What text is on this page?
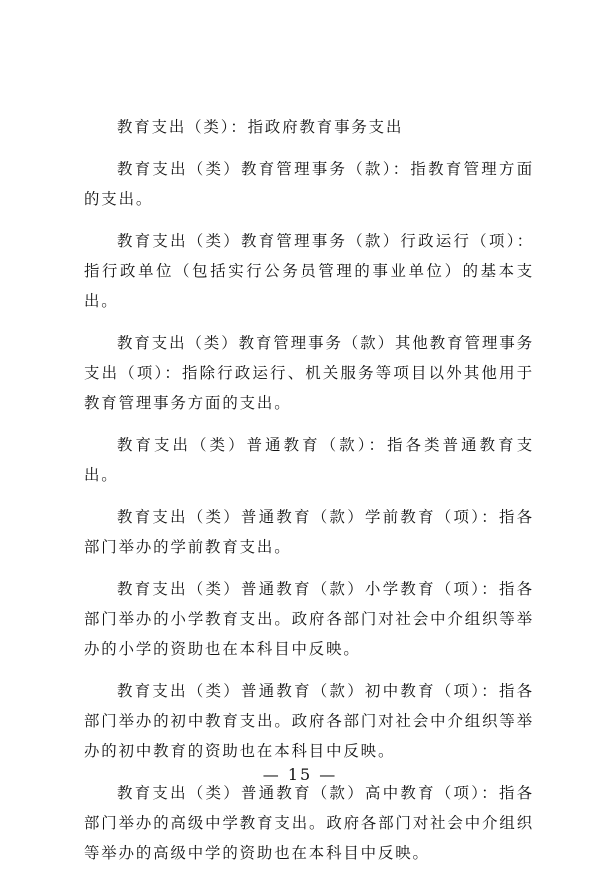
教育支出（类）：指政府教育事务支出

教育支出（类）教育管理事务（款）：指教育管理方面的支出。

教育支出（类）教育管理事务（款）行政运行（项）：指行政单位（包括实行公务员管理的事业单位）的基本支出。

教育支出（类）教育管理事务（款）其他教育管理事务支出（项）：指除行政运行、机关服务等项目以外其他用于教育管理事务方面的支出。

教育支出（类）普通教育（款）：指各类普通教育支出。

教育支出（类）普通教育（款）学前教育（项）：指各部门举办的学前教育支出。

教育支出（类）普通教育（款）小学教育（项）：指各部门举办的小学教育支出。政府各部门对社会中介组织等举办的小学的资助也在本科目中反映。

教育支出（类）普通教育（款）初中教育（项）：指各部门举办的初中教育支出。政府各部门对社会中介组织等举办的初中教育的资助也在本科目中反映。

教育支出（类）普通教育（款）高中教育（项）：指各部门举办的高级中学教育支出。政府各部门对社会中介组织等举办的高级中学的资助也在本科目中反映。

— 15 —
